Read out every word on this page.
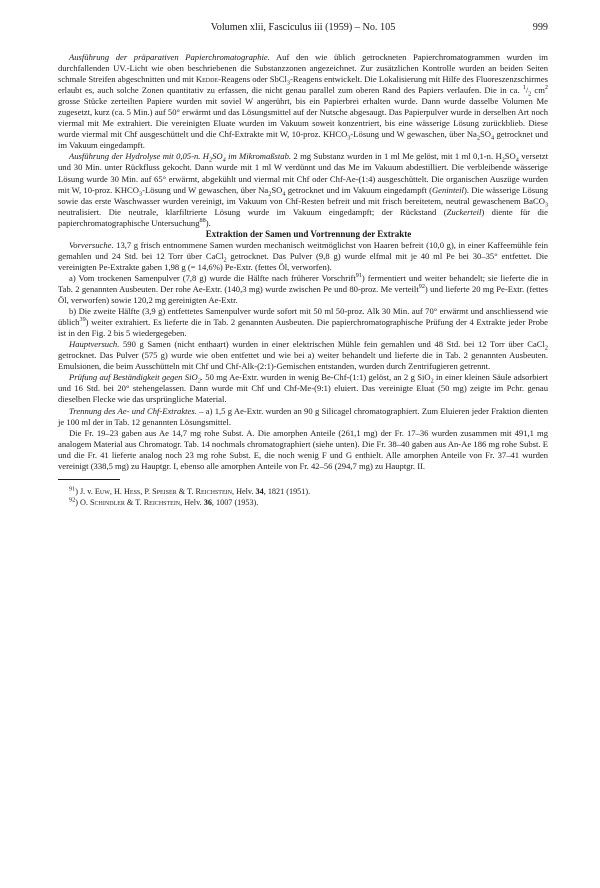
Volumen xlii, Fasciculus iii (1959) – No. 105	999

Ausführung der präparativen Papierchromatographie. Auf den wie üblich getrockneten Papierchromatogrammen wurden im durchfallenden UV.-Licht wie oben beschriebenen die Substanzzonen angezeichnet. Zur zusätzlichen Kontrolle wurden an beiden Seiten schmale Streifen abgeschnitten und mit Kedde-Reagens oder SbCl$_3$-Reagens entwickelt. Die Lokalisierung mit Hilfe des Fluoreszenzschirmes erlaubt es, auch solche Zonen quantitativ zu erfassen, die nicht genau parallel zum oberen Rand des Papiers verlaufen. Die in ca. $^1/_2$ $cm^2$ grosse Stücke zerteilten Papiere wurden mit soviel W angerührt, bis ein Papierbrei erhalten wurde. Dann wurde dasselbe Volumen Me zugesetzt, kurz (ca. 5 Min.) auf 50° erwärmt und das Lösungsmittel auf der Nutsche abgesaugt. Das Papierpulver wurde in derselben Art noch viermal mit Me extrahiert. Die vereinigten Eluate wurden im Vakuum soweit konzentriert, bis eine wässerige Lösung zurückblieb. Diese wurde viermal mit Chf ausgeschüttelt und die Chf-Extrakte mit W, 10-proz. $KHCO_3$-Lösung und W gewaschen, über $Na_2SO_4$ getrocknet und im Vakuum eingedampft.

Ausführung der Hydrolyse mit 0,05-n. $H_2SO_4$ im Mikromaßstab. 2 mg Substanz wurden in 1 ml Me gelöst, mit 1 ml 0,1-n. $H_2SO_4$ versetzt und 30 Min. unter Rückfluss gekocht. Dann wurde mit 1 ml W verdünnt und das Me im Vakuum abdestilliert. Die verbleibende wässerige Lösung wurde 30 Min. auf 65° erwärmt, abgekühlt und viermal mit Chf oder Chf-Ae-(1:4) ausgeschüttelt. Die organischen Auszüge wurden mit W, 10-proz. $KHCO_3$-Lösung und W gewaschen, über $Na_2SO_4$ getrocknet und im Vakuum eingedampft (Geninteil). Die wässerige Lösung sowie das erste Waschwasser wurden vereinigt, im Vakuum von Chf-Resten befreit und mit frisch bereitetem, neutral gewaschenem BaCO$_3$ neutralisiert. Die neutrale, klarfiltrierte Lösung wurde im Vakuum eingedampft; der Rückstand (Zuckerteil) diente für die papierchromatographische Untersuchung$^{88}$).

Extraktion der Samen und Vortrennung der Extrakte

Vorversuche. 13,7 g frisch entnommene Samen wurden mechanisch weitmöglichst von Haaren befreit (10,0 g), in einer Kaffeemühle fein gemahlen und 24 Std. bei 12 Torr über CaCl$_2$ getrocknet. Das Pulver (9,8 g) wurde elfmal mit je 40 ml Pe bei 30–35° entfettet. Die vereinigten Pe-Extrakte gaben 1,98 g (= 14,6%) Pe-Extr. (fettes Öl, verworfen).

a) Vom trockenen Samenpulver (7,8 g) wurde die Hälfte nach früherer Vorschrift$^{91}$) fermentiert und weiter behandelt; sie lieferte die in Tab. 2 genannten Ausbeuten. Der rohe Ae-Extr. (140,3 mg) wurde zwischen Pe und 80-proz. Me verteilt$^{92}$) und lieferte 20 mg Pe-Extr. (fettes Öl, verworfen) sowie 120,2 mg gereinigten Ae-Extr.

b) Die zweite Hälfte (3,9 g) entfettetes Samenpulver wurde sofort mit 50 ml 50-proz. Alk 30 Min. auf 70° erwärmt und anschliessend wie üblich$^{39}$) weiter extrahiert. Es lieferte die in Tab. 2 genannten Ausbeuten. Die papierchromatographische Prüfung der 4 Extrakte jeder Probe ist in den Fig. 2 bis 5 wiedergegeben.

Hauptversuch. 590 g Samen (nicht enthaart) wurden in einer elektrischen Mühle fein gemahlen und 48 Std. bei 12 Torr über CaCl$_2$ getrocknet. Das Pulver (575 g) wurde wie oben entfettet und wie bei a) weiter behandelt und lieferte die in Tab. 2 genannten Ausbeuten. Emulsionen, die beim Ausschütteln mit Chf und Chf-Alk-(2:1)-Gemischen entstanden, wurden durch Zentrifugieren getrennt.

Prüfung auf Beständigkeit gegen SiO$_2$. 50 mg Ae-Extr. wurden in wenig Be-Chf-(1:1) gelöst, an 2 g SiO$_2$ in einer kleinen Säule adsorbiert und 16 Std. bei 20° stehengelassen. Dann wurde mit Chf und Chf-Me-(9:1) eluiert. Das vereinigte Eluat (50 mg) zeigte im Pchr. genau dieselben Flecke wie das ursprüngliche Material.

Trennung des Ae- und Chf-Extraktes. – a) 1,5 g Ae-Extr. wurden an 90 g Silicagel chromatographiert. Zum Eluieren jeder Fraktion dienten je 100 ml der in Tab. 12 genannten Lösungsmittel.

Die Fr. 19–23 gaben aus Ae 14,7 mg rohe Subst. A. Die amorphen Anteile (261,1 mg) der Fr. 17–36 wurden zusammen mit 491,1 mg analogem Material aus Chromatogr. Tab. 14 nochmals chromatographiert (siehe unten). Die Fr. 38–40 gaben aus An-Ae 186 mg rohe Subst. E und die Fr. 41 lieferte analog noch 23 mg rohe Subst. E, die noch wenig F und G enthielt. Alle amorphen Anteile von Fr. 37–41 wurden vereinigt (338,5 mg) zu Hauptgr. I, ebenso alle amorphen Anteile von Fr. 42–56 (294,7 mg) zu Hauptgr. II.

$^{91}$) J. v. Euw, H. Hess, P. Speiser & T. Reichstein, Helv. 34, 1821 (1951).

$^{92}$) O. Schindler & T. Reichstein, Helv. 36, 1007 (1953).
